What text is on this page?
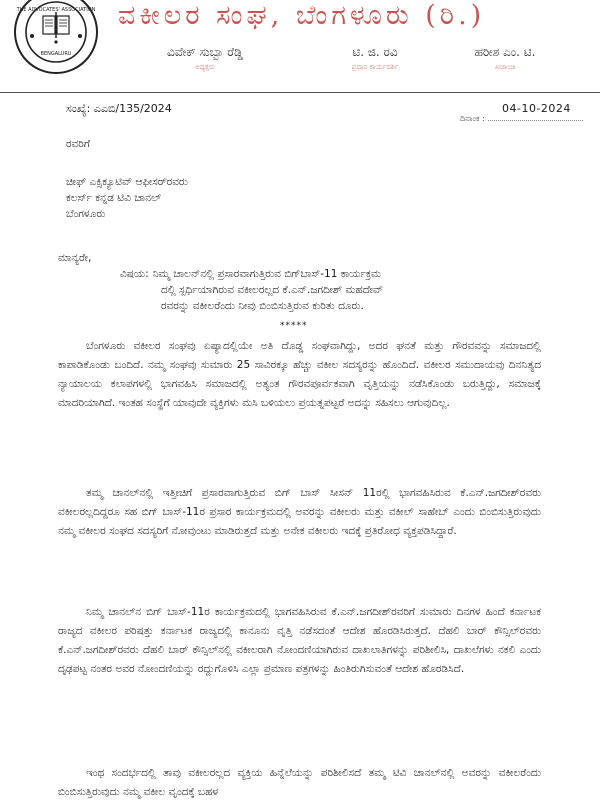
THE ADVOCATES' ASSOCIATION
BENGALURU
ವಕೀಲರ ಸಂಘ, ಬೆಂಗಳೂರು (ರಿ.)
ವಿವೇಕ್ ಸುಬ್ಬಾ ರೆಡ್ಡಿ
ಅಧ್ಯಕ್ಷರು
ಟಿ. ಜಿ. ರವಿ
ಪ್ರಧಾನ ಕಾರ್ಯದರ್ಶಿ
ಹರೀಶ ಎಂ. ಟಿ.
ಖಜಾಂಚಿ
ಸಂಖ್ಯೆ: ಎಎಬಿ/135/2024	04-10-2024
ದಿನಾಂಕ :
ರವರಿಗೆ
ಚೀಫ್ ಎಕ್ಸಿಕ್ಯೂಟಿವ್ ಆಫೀಸರ್‌ರವರು
ಕಲರ್ಸ್ ಕನ್ನಡ ಟಿವಿ ಚಾನಲ್
ಬೆಂಗಳೂರು
ಮಾನ್ಯರೇ,
ವಿಷಯ: ನಿಮ್ಮ ಚಾಲನ್‌ನಲ್ಲಿ ಪ್ರಸಾರವಾಗುತ್ತಿರುವ ಬಿಗ್‌ಬಾಸ್-11 ಕಾರ್ಯಕ್ರಮ
ದಲ್ಲಿ ಸ್ಪರ್ಧಿಯಾಗಿರುವ ವಕೀಲರಲ್ಲದ ಕೆ.ಎನ್.ಜಗದೀಶ್ ಮಹದೇವ್
ರವರನ್ನು ವಕೀಲರೆಂದು ನೀವು ಬಿಂಬಿಸುತ್ತಿರುವ ಕುರಿತು ದೂರು.
*****
ಬೆಂಗಳೂರು ವಕೀಲರ ಸಂಘವು ಏಷ್ಯಾದಲ್ಲಿಯೇ ಅತಿ ದೊಡ್ಡ ಸಂಘವಾಗಿದ್ದು, ಅದರ ಘನತೆ ಮತ್ತು ಗೌರವವನ್ನು ಸಮಾಜದಲ್ಲಿ ಕಾಪಾಡಿಕೊಂಡು ಬಂದಿದೆ. ನಮ್ಮ ಸಂಘವು ಸುಮಾರು 25 ಸಾವಿರಕ್ಕೂ ಹೆಚ್ಚು ವಕೀಲ ಸದಸ್ಯರನ್ನು ಹೊಂದಿದೆ. ವಕೀಲರ ಸಮುದಾಯವು ದಿನನಿತ್ಯದ ನ್ಯಾಯಾಲಯ ಕಲಾಪಗಳಲ್ಲಿ ಭಾಗವಹಿಸಿ ಸಮಾಜದಲ್ಲಿ ಅತ್ಯಂತ ಗೌರವಪೂರ್ವಕವಾಗಿ ವೃತ್ತಿಯನ್ನು ನಡೆಸಿಕೊಂಡು ಬರುತ್ತಿದ್ದು, ಸಮಾಜಕ್ಕೆ ಮಾದರಿಯಾಗಿದೆ. ಇಂತಹ ಸಂಸ್ಥೆಗೆ ಯಾವುದೇ ವ್ಯಕ್ತಿಗಳು ಮಸಿ ಬಳಿಯಲು ಪ್ರಯತ್ನಪಟ್ಟರೆ ಅದನ್ನು ಸಹಿಸಲು ಆಗುವುದಿಲ್ಲ.
ತಮ್ಮ ಚಾನಲ್‌ನಲ್ಲಿ ಇತ್ತೀಚಿಗೆ ಪ್ರಸಾರವಾಗುತ್ತಿರುವ ಬಿಗ್ ಬಾಸ್ ಸೀಸನ್ 11ರಲ್ಲಿ ಭಾಗವಹಿಸಿರುವ ಕೆ.ಎನ್.ಜಗದೀಶ್‌ರವರು ವಕೀಲರಲ್ಲದಿದ್ದರೂ ಸಹ ಬಿಗ್ ಬಾಸ್-11ರ ಪ್ರಸಾರ ಕಾರ್ಯಕ್ರಮದಲ್ಲಿ ಅವರನ್ನು ವಕೀಲರು ಮತ್ತು ವಕೀಲ್ ಸಾಹೇಬ್ ಎಂದು ಬಿಂಬಿಸುತ್ತಿರುವುದು ನಮ್ಮ ವಕೀಲರ ಸಂಘದ ಸದಸ್ಯರಿಗೆ ನೋವುಂಟು ಮಾಡಿರುತ್ತದೆ ಮತ್ತು ಅನೇಕ ವಕೀಲರು ಇದಕ್ಕೆ ಪ್ರತಿರೋಧ ವ್ಯಕ್ತಪಡಿಸಿದ್ದಾರೆ.
ನಿಮ್ಮ ಚಾನಲ್‌ನ ಬಿಗ್ ಬಾಸ್-11ರ ಕಾರ್ಯಕ್ರಮದಲ್ಲಿ ಭಾಗವಹಿಸಿರುವ ಕೆ.ಎನ್.ಜಗದೀಶ್‌ರವರಿಗೆ ಸುಮಾರು ದಿನಗಳ ಹಿಂದೆ ಕರ್ನಾಟಕ ರಾಜ್ಯದ ವಕೀಲರ ಪರಿಷತ್ತು ಕರ್ನಾಟಕ ರಾಜ್ಯದಲ್ಲಿ ಕಾನೂನು ವೃತ್ತಿ ನಡೆಸದಂತೆ ಆದೇಶ ಹೊರಡಿಸಿರುತ್ತದೆ. ದೆಹಲಿ ಬಾರ್ ಕೌನ್ಸಿಲ್‌ರವರು ಕೆ.ಎನ್.ಜಗದೀಶ್‌ರವರು ದೆಹಲಿ ಬಾರ್ ಕೌನ್ಸಿಲ್‌ನಲ್ಲಿ ವಕೀಲರಾಗಿ ನೋಂದಣಿಯಾಗಿರುವ ದಾಖಲಾತಿಗಳನ್ನು ಪರಿಶೀಲಿಸಿ, ದಾಖಲೆಗಳು ನಕಲಿ ಎಂದು ದೃಢಪಟ್ಟ ನಂತರ ಅವರ ನೋಂದಣಿಯನ್ನು ರದ್ದುಗೊಳಿಸಿ ಎಲ್ಲಾ ಪ್ರಮಾಣ ಪತ್ರಗಳನ್ನು ಹಿಂತಿರುಗಿಸುವಂತೆ ಆದೇಶ ಹೊರಡಿಸಿದೆ.
ಇಂಥ ಸಂದರ್ಭದಲ್ಲಿ ತಾವು ವಕೀಲರಲ್ಲದ ವ್ಯಕ್ತಿಯ ಹಿನ್ನೆಲೆಯನ್ನು ಪರಿಶೀಲಿಸದೆ ತಮ್ಮ ಟಿವಿ ಚಾನಲ್‌ನಲ್ಲಿ ಅವರನ್ನು ವಕೀಲರೆಂದು ಬಿಂಬಿಸುತ್ತಿರುವುದು ನಮ್ಮ ವಕೀಲ ವೃಂದಕ್ಕೆ ಬಹಳ
